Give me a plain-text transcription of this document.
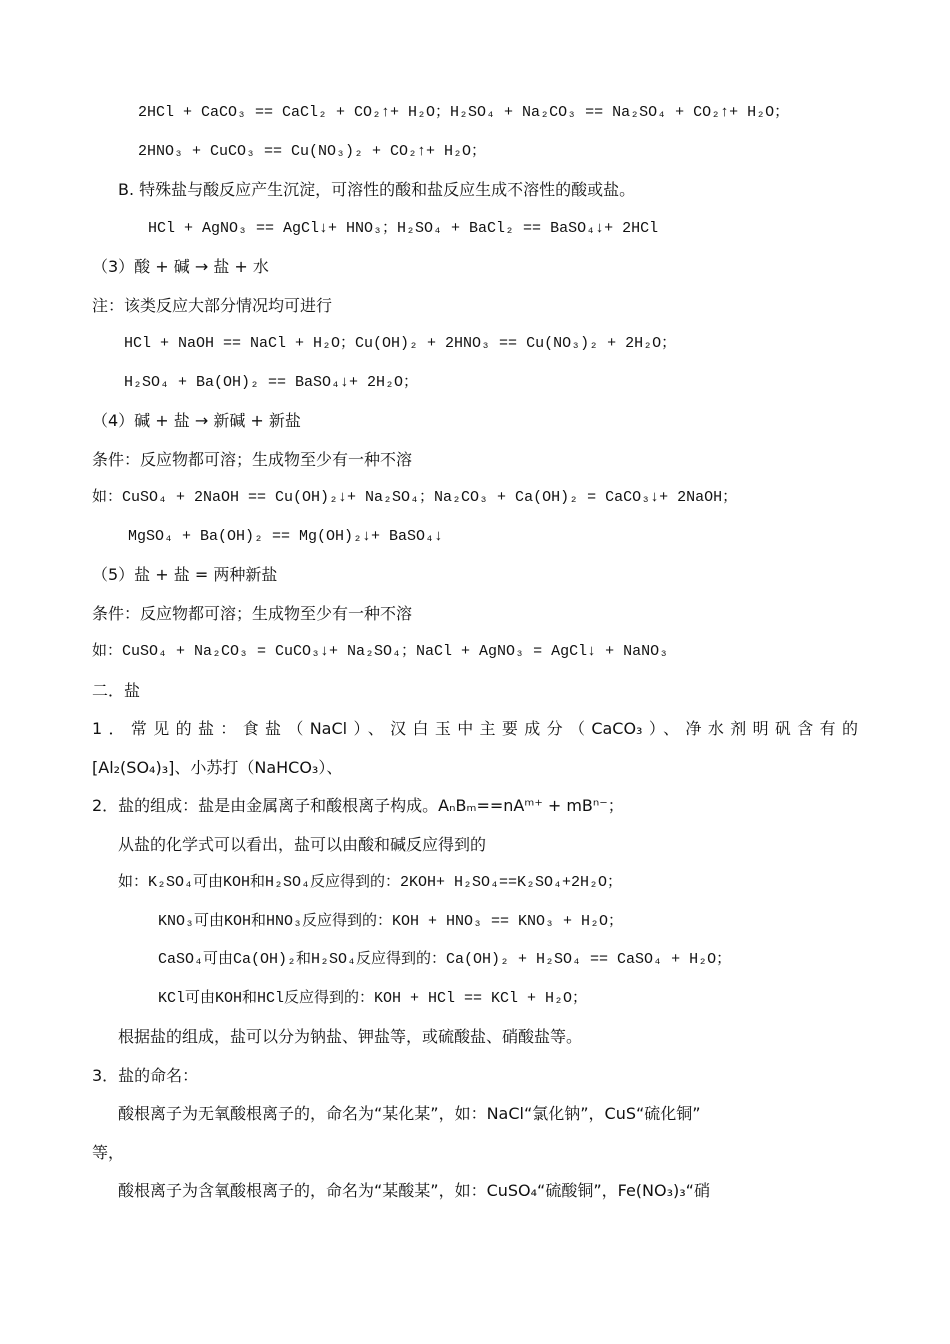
2HCl + CaCO₃ == CaCl₂ + CO₂↑+ H₂O；H₂SO₄ + Na₂CO₃ == Na₂SO₄ + CO₂↑+ H₂O；
2HNO₃ + CuCO₃ == Cu(NO₃)₂ + CO₂↑+ H₂O；
B. 特殊盐与酸反应产生沉淀，可溶性的酸和盐反应生成不溶性的酸或盐。
HCl + AgNO₃ == AgCl↓+ HNO₃；H₂SO₄ + BaCl₂ == BaSO₄↓+ 2HCl
（3）酸 + 碱 → 盐 + 水
注：该类反应大部分情况均可进行
HCl + NaOH == NaCl + H₂O；Cu(OH)₂ + 2HNO₃ == Cu(NO₃)₂ + 2H₂O；
H₂SO₄ + Ba(OH)₂ == BaSO₄↓+ 2H₂O；
（4）碱 + 盐 → 新碱 + 新盐
条件：反应物都可溶；生成物至少有一种不溶
如：CuSO₄ + 2NaOH == Cu(OH)₂↓+ Na₂SO₄；Na₂CO₃ + Ca(OH)₂ = CaCO₃↓+ 2NaOH；
MgSO₄ + Ba(OH)₂ == Mg(OH)₂↓+ BaSO₄↓
（5）盐 + 盐 = 两种新盐
条件：反应物都可溶；生成物至少有一种不溶
如：CuSO₄ + Na₂CO₃ = CuCO₃↓+ Na₂SO₄；NaCl + AgNO₃ = AgCl↓ + NaNO₃
二．盐
1．常见的盐：食盐（NaCl）、汉白玉中主要成分（CaCO₃）、净水剂明矾含有的
[Al₂(SO₄)₃]、小苏打（NaHCO₃）、
2．盐的组成：盐是由金属离子和酸根离子构成。AₙBₘ==nAᵐ⁺ + mBⁿ⁻；
从盐的化学式可以看出，盐可以由酸和碱反应得到的
如：K₂SO₄可由KOH和H₂SO₄反应得到的：2KOH+ H₂SO₄==K₂SO₄+2H₂O；
KNO₃可由KOH和HNO₃反应得到的：KOH + HNO₃ == KNO₃ + H₂O；
CaSO₄可由Ca(OH)₂和H₂SO₄反应得到的：Ca(OH)₂ + H₂SO₄ == CaSO₄ + H₂O；
KCl可由KOH和HCl反应得到的：KOH + HCl == KCl + H₂O；
根据盐的组成，盐可以分为钠盐、钾盐等，或硫酸盐、硝酸盐等。
3．盐的命名：
酸根离子为无氧酸根离子的，命名为“某化某”，如：NaCl“氯化钠”，CuS“硫化铜”
等，
酸根离子为含氧酸根离子的，命名为“某酸某”，如：CuSO₄“硫酸铜”，Fe(NO₃)₃“硝
